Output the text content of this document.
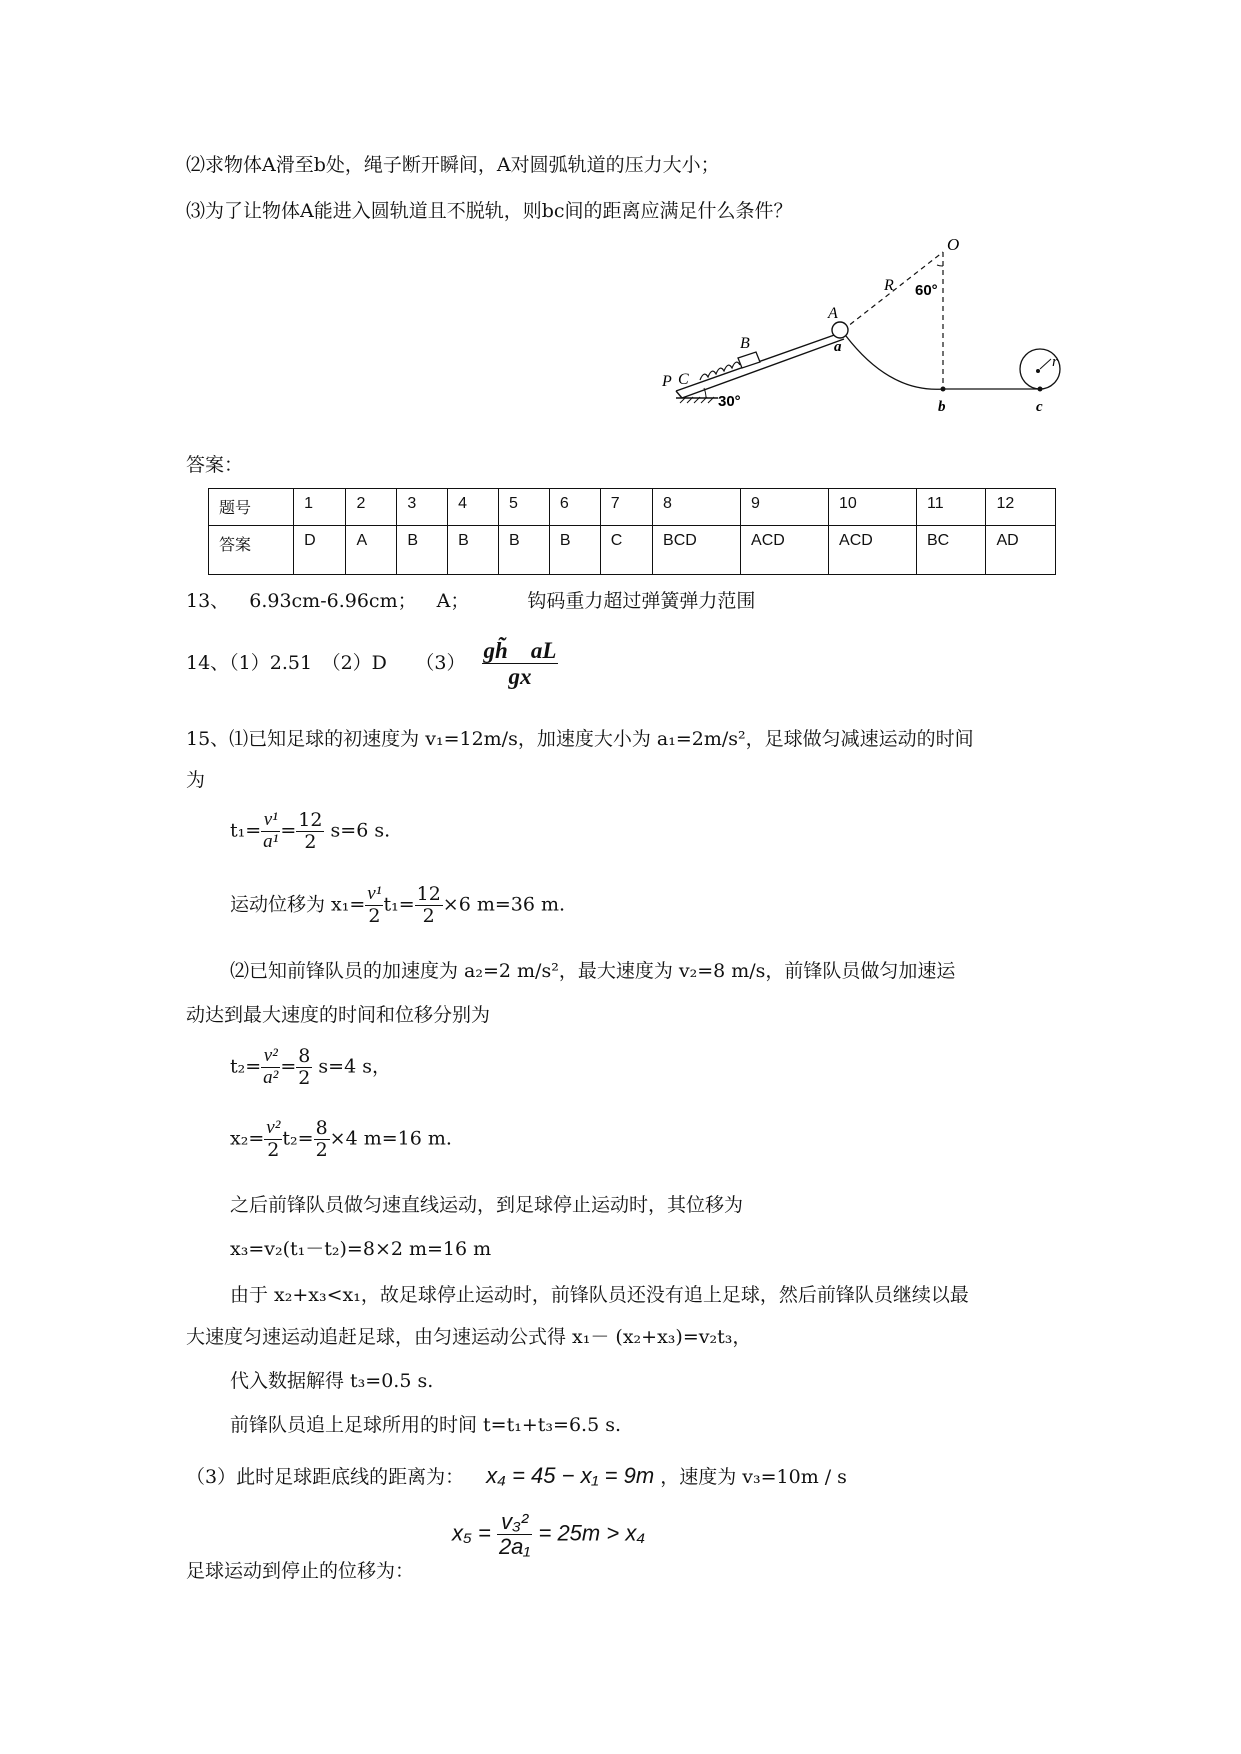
⑵求物体A滑至b处，绳子断开瞬间，A对圆弧轨道的压力大小；
⑶为了让物体A能进入圆轨道且不脱轨，则bc间的距离应满足什么条件？
O
R 60°
A
a
B
P C
30°	b	c
r
答案：
题号	1	2	3	4	5	6	7	8	9	10	11	12
答案	D	A	B	B	B	B	C	BCD	ACD	ACD	BC	AD
13、 6.93cm-6.96cm； A；	钩码重力超过弹簧弹力范围
14、（1）2.51　（2）D　　$(3) \frac{gh̃ aL}{gx}$
15、⑴已知足球的初速度为 v₁=12m/s，加速度大小为 a₁=2m/s²，足球做匀减速运动的时间
为
$t_1= \frac{\text{v¹}}{\text{a¹}} = \frac{12}{2} s=6$ s.
运动位移为 $x_1= \frac{\text{v¹}}{2} t_1= \frac{12}{2} \times 6$ m=36 m.
⑵已知前锋队员的加速度为 a₂=2 m/s²，最大速度为 v₂=8 m/s，前锋队员做匀加速运
动达到最大速度的时间和位移分别为
$t_2= \frac{\text{v²}}{\text{a²}} = \frac{8}{2} s=4$ s，
$x_2= \frac{\text{v²}}{2} t_2= \frac{8}{2} \times 4$ m=16 m.
之后前锋队员做匀速直线运动，到足球停止运动时，其位移为
x₃=v₂(t₁－t₂)=8×2 m=16 m
由于 x₂+x₃<x₁，故足球停止运动时，前锋队员还没有追上足球，然后前锋队员继续以最
大速度匀速运动追赶足球，由匀速运动公式得 x₁－ (x₂+x₃)=v₂t₃，
代入数据解得 t₃=0.5 s.
前锋队员追上足球所用的时间 t=t₁+t₃=6.5 s.
（3）此时足球距底线的距离为： x₄ = 45 − x₁ = 9m ，速度为 v₃=10m / s
$x_5 = \frac{\text{v₃²}}{\text{2a₁}} = 25m > x_4$
足球运动到停止的位移为：
